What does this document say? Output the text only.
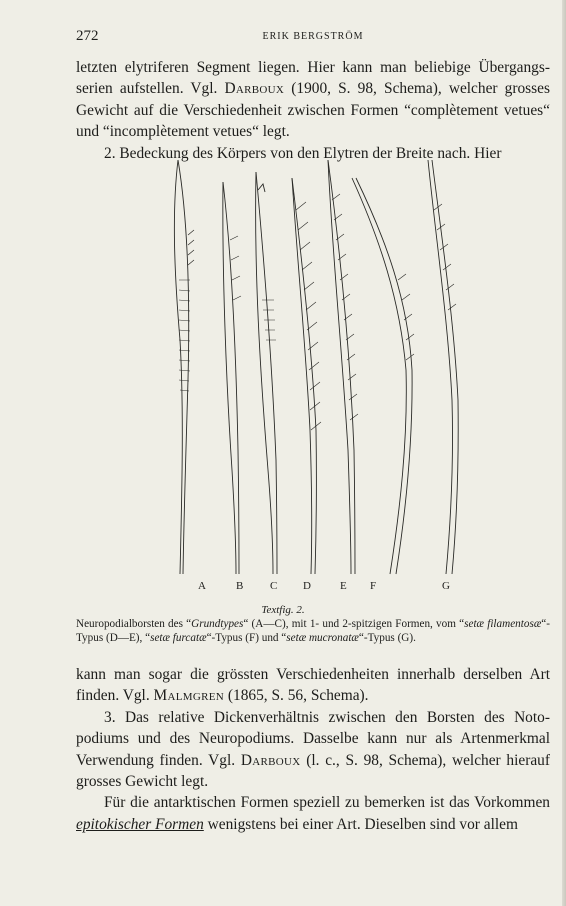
272	ERIK BERGSTRÖM

letzten elytriferen Segment liegen. Hier kann man beliebige Übergangsserien aufstellen. Vgl. Darboux (1900, S. 98, Schema), welcher grosses Gewicht auf die Verschiedenheit zwischen Formen “complètement vetues“ und “incomplètement vetues“ legt.

2. Bedeckung des Körpers von den Elytren der Breite nach. Hier

A	B C D	E F	G
Textfig. 2.

Neuropodialborsten des “Grundtypes“ (A—C), mit 1- und 2-spitzigen Formen, vom “setæ filamentosæ“-Typus (D—E), “setæ furcatæ“-Typus (F) und “setæ mucronatæ“-Typus (G).

kann man sogar die grössten Verschiedenheiten innerhalb derselben Art finden. Vgl. Malmgren (1865, S. 56, Schema).

3. Das relative Dickenverhältnis zwischen den Borsten des Notopodiums und des Neuropodiums. Dasselbe kann nur als Artenmerkmal Verwendung finden. Vgl. Darboux (l. c., S. 98, Schema), welcher hierauf grosses Gewicht legt.

Für die antarktischen Formen speziell zu bemerken ist das Vorkommen epitokischer Formen wenigstens bei einer Art. Dieselben sind vor allem
